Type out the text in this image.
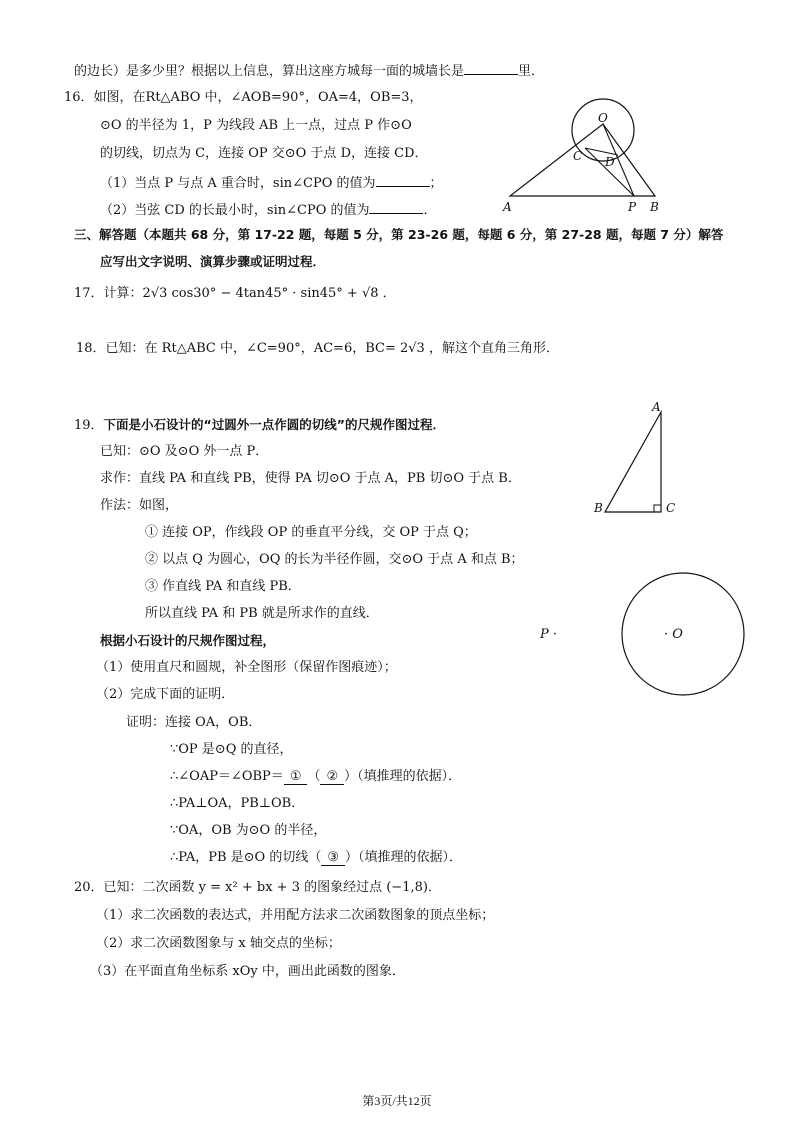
的边长）是多少里？根据以上信息，算出这座方城每一面的城墙长是	里．
16．如图，在Rt△ABO 中，∠AOB=90°，OA=4，OB=3，
⊙O 的半径为 1，P 为线段 AB 上一点，过点 P 作⊙O
的切线，切点为 C，连接 OP 交⊙O 于点 D，连接 CD．
（1）当点 P 与点 A 重合时，sin∠CPO 的值为	；
（2）当弦 CD 的长最小时，sin∠CPO 的值为	．
O
C D
A	P B
三、解答题（本题共 68 分，第 17-22 题，每题 5 分，第 23-26 题，每题 6 分，第 27-28 题，每题 7 分）解答
应写出文字说明、演算步骤或证明过程．
17．计算：2√3 cos30° − 4tan45° · sin45° + √8 ．
18．已知：在 Rt△ABC 中，∠C=90°，AC=6，BC= 2√3 ，解这个直角三角形．
A
B	C
19．下面是小石设计的“过圆外一点作圆的切线”的尺规作图过程．
已知：⊙O 及⊙O 外一点 P．
求作：直线 PA 和直线 PB，使得 PA 切⊙O 于点 A，PB 切⊙O 于点 B．
作法：如图，
① 连接 OP，作线段 OP 的垂直平分线，交 OP 于点 Q；
② 以点 Q 为圆心，OQ 的长为半径作圆，交⊙O 于点 A 和点 B；
③ 作直线 PA 和直线 PB．
所以直线 PA 和 PB 就是所求作的直线．
根据小石设计的尺规作图过程，
（1）使用直尺和圆规，补全图形（保留作图痕迹）；
（2）完成下面的证明．
证明：连接 OA，OB．
∵OP 是⊙Q 的直径，
∴∠OAP＝∠OBP＝ ① （ ② ）（填推理的依据）．
∴PA⊥OA，PB⊥OB．
∵OA，OB 为⊙O 的半径，
∴PA，PB 是⊙O 的切线（ ③ ）（填推理的依据）．
P ·	· O
20．已知：二次函数 y = x² + bx + 3 的图象经过点 (−1,8)．
（1）求二次函数的表达式，并用配方法求二次函数图象的顶点坐标；
（2）求二次函数图象与 x 轴交点的坐标；
（3）在平面直角坐标系 xOy 中，画出此函数的图象．
第3页/共12页
